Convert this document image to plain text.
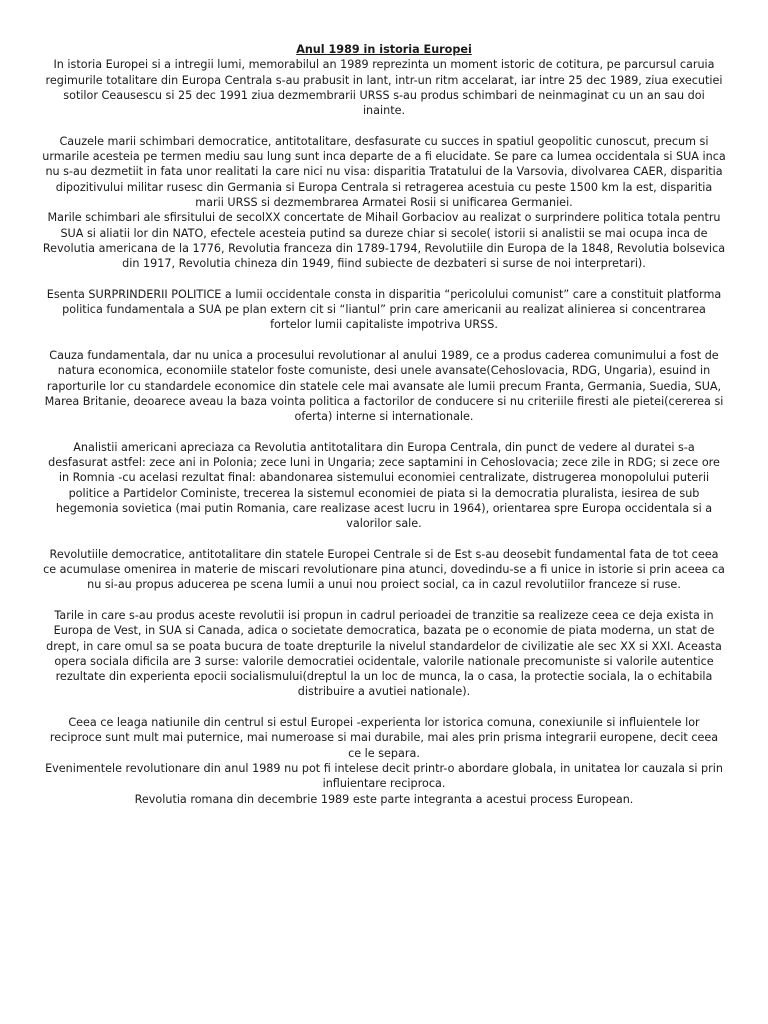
Anul 1989 in istoria Europei

In istoria Europei si a intregii lumi, memorabilul an 1989 reprezinta un moment istoric de cotitura, pe parcursul caruia regimurile totalitare din Europa Centrala s-au prabusit in lant, intr-un ritm accelarat, iar intre 25 dec 1989, ziua executiei sotilor Ceausescu si 25 dec 1991 ziua dezmembrarii URSS s-au produs schimbari de neinmaginat cu un an sau doi inainte.

Cauzele marii schimbari democratice, antitotalitare, desfasurate cu succes in spatiul geopolitic cunoscut, precum si urmarile acesteia pe termen mediu sau lung sunt inca departe de a fi elucidate. Se pare ca lumea occidentala si SUA inca nu s-au dezmetiit in fata unor realitati la care nici nu visa: disparitia Tratatului de la Varsovia, divolvarea CAER, disparitia dipozitivului militar rusesc din Germania si Europa Centrala si retragerea acestuia cu peste 1500 km la est, disparitia marii URSS si dezmembrarea Armatei Rosii si unificarea Germaniei.

Marile schimbari ale sfirsitului de secolXX concertate de Mihail Gorbaciov au realizat o surprindere politica totala pentru SUA si aliatii lor din NATO, efectele acesteia putind sa dureze chiar si secole( istorii si analistii se mai ocupa inca de Revolutia americana de la 1776, Revolutia franceza din 1789-1794, Revolutiile din Europa de la 1848, Revolutia bolsevica din 1917, Revolutia chineza din 1949, fiind subiecte de dezbateri si surse de noi interpretari).

Esenta SURPRINDERII POLITICE a lumii occidentale consta in disparitia “pericolului comunist” care a constituit platforma politica fundamentala a SUA pe plan extern cit si “liantul” prin care americanii au realizat alinierea si concentrarea fortelor lumii capitaliste impotriva URSS.

Cauza fundamentala, dar nu unica a procesului revolutionar al anului 1989, ce a produs caderea comunimului a fost de natura economica, economiile statelor foste comuniste, desi unele avansate(Cehoslovacia, RDG, Ungaria), esuind in raporturile lor cu standardele economice din statele cele mai avansate ale lumii precum Franta, Germania, Suedia, SUA, Marea Britanie, deoarece aveau la baza vointa politica a factorilor de conducere si nu criteriile firesti ale pietei(cererea si oferta) interne si internationale.

Analistii americani apreciaza ca Revolutia antitotalitara din Europa Centrala, din punct de vedere al duratei s-a desfasurat astfel: zece ani in Polonia; zece luni in Ungaria; zece saptamini in Cehoslovacia; zece zile in RDG; si zece ore in Romnia -cu acelasi rezultat final: abandonarea sistemului economiei centralizate, distrugerea monopolului puterii politice a Partidelor Coministe, trecerea la sistemul economiei de piata si la democratia pluralista, iesirea de sub hegemonia sovietica (mai putin Romania, care realizase acest lucru in 1964), orientarea spre Europa occidentala si a valorilor sale.

Revolutiile democratice, antitotalitare din statele Europei Centrale si de Est s-au deosebit fundamental fata de tot ceea ce acumulase omenirea in materie de miscari revolutionare pina atunci, dovedindu-se a fi unice in istorie si prin aceea ca nu si-au propus aducerea pe scena lumii a unui nou proiect social, ca in cazul revolutiilor franceze si ruse.

Tarile in care s-au produs aceste revolutii isi propun in cadrul perioadei de tranzitie sa realizeze ceea ce deja exista in Europa de Vest, in SUA si Canada, adica o societate democratica, bazata pe o economie de piata moderna, un stat de drept, in care omul sa se poata bucura de toate drepturile la nivelul standardelor de civilizatie ale sec XX si XXI. Aceasta opera sociala dificila are 3 surse: valorile democratiei ocidentale, valorile nationale precomuniste si valorile autentice rezultate din experienta epocii socialismului(dreptul la un loc de munca, la o casa, la protectie sociala, la o echitabila distribuire a avutiei nationale).

Ceea ce leaga natiunile din centrul si estul Europei -experienta lor istorica comuna, conexiunile si influientele lor reciproce sunt mult mai puternice, mai numeroase si mai durabile, mai ales prin prisma integrarii europene, decit ceea ce le separa.

Evenimentele revolutionare din anul 1989 nu pot fi intelese decit printr-o abordare globala, in unitatea lor cauzala si prin influientare reciproca.

Revolutia romana din decembrie 1989 este parte integranta a acestui process European.
